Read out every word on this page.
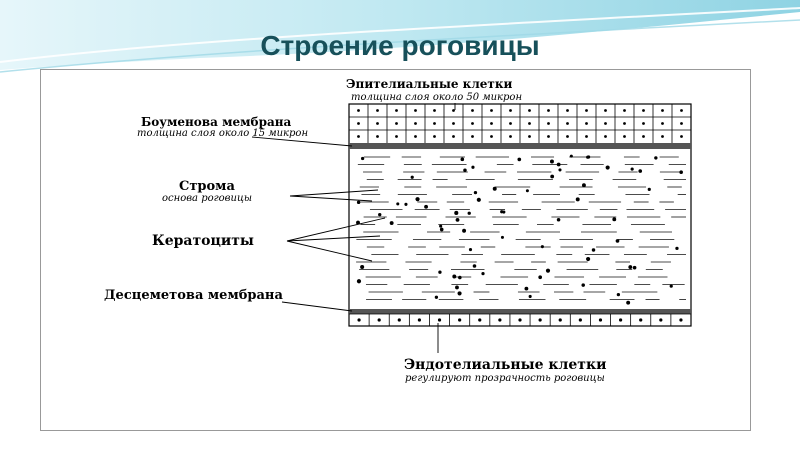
Строение роговицы
Эпителиальные клетки
толщина слоя около 50 микрон
Боуменова мембрана
толщина слоя около 15 микрон
Строма
основа роговицы
Кератоциты
Десцеметова мембрана
Эндотелиальные клетки
регулируют прозрачность роговицы
